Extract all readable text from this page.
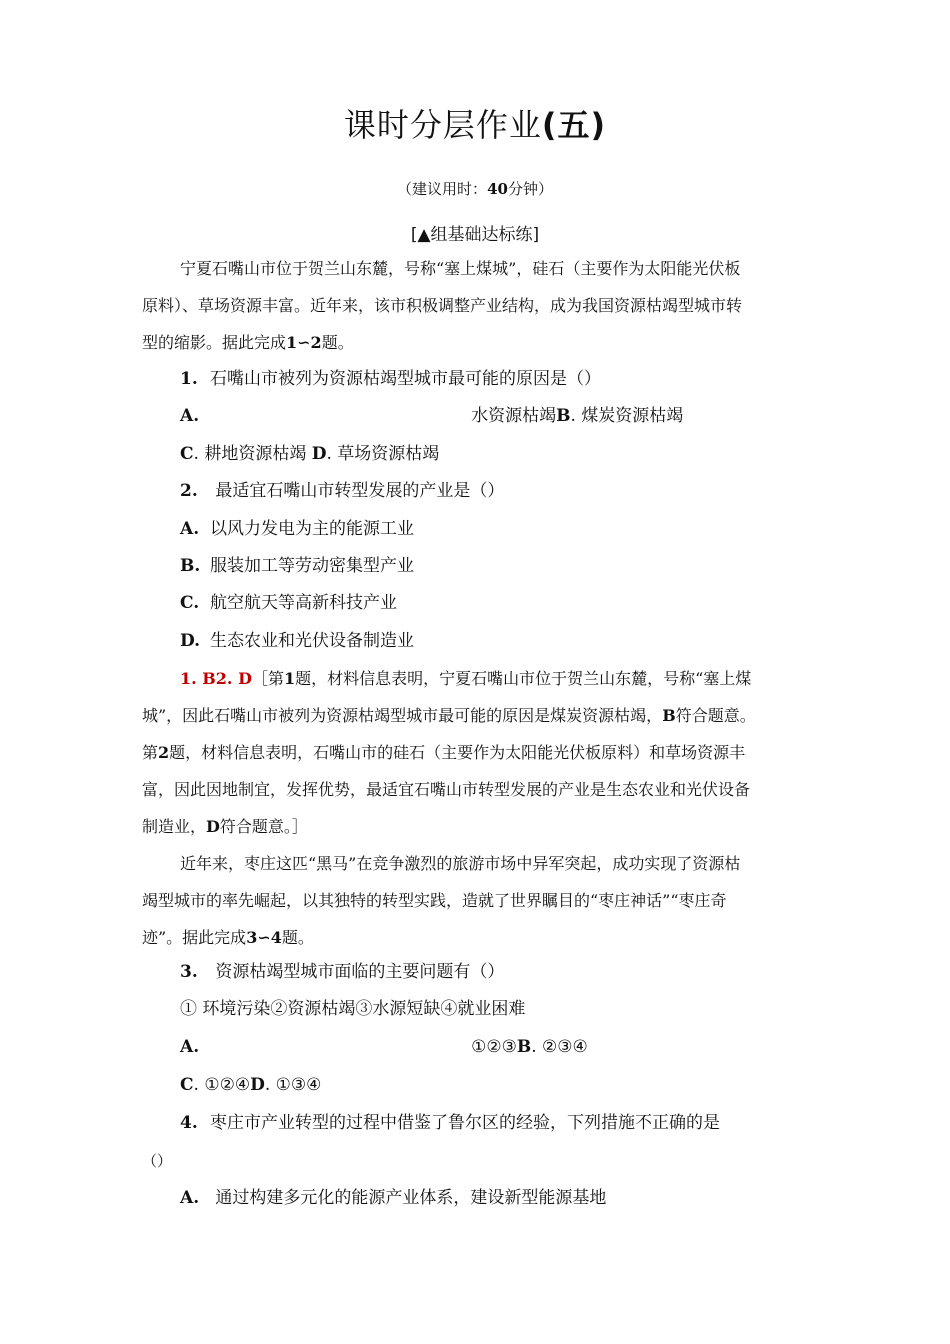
课时分层作业(五)
（建议用时：40分钟）
[▲组基础达标练]
宁夏石嘴山市位于贺兰山东麓，号称“塞上煤城”，硅石（主要作为太阳能光伏板
原料）、草场资源丰富。近年来，该市积极调整产业结构，成为我国资源枯竭型城市转
型的缩影。据此完成1∽2题。
1. 石嘴山市被列为资源枯竭型城市最可能的原因是（）
A.	水资源枯竭B. 煤炭资源枯竭
C. 耕地资源枯竭 D. 草场资源枯竭
2. 最适宜石嘴山市转型发展的产业是（）
A. 以风力发电为主的能源工业
B. 服装加工等劳动密集型产业
C. 航空航天等高新科技产业
D. 生态农业和光伏设备制造业
1. B2. D［第1题，材料信息表明，宁夏石嘴山市位于贺兰山东麓，号称“塞上煤
城”，因此石嘴山市被列为资源枯竭型城市最可能的原因是煤炭资源枯竭，B符合题意。
第2题，材料信息表明，石嘴山市的硅石（主要作为太阳能光伏板原料）和草场资源丰
富，因此因地制宜，发挥优势，最适宜石嘴山市转型发展的产业是生态农业和光伏设备
制造业，D符合题意。］
近年来，枣庄这匹“黑马”在竞争激烈的旅游市场中异军突起，成功实现了资源枯
竭型城市的率先崛起，以其独特的转型实践，造就了世界瞩目的“枣庄神话”“枣庄奇
迹”。据此完成3∽4题。
3. 资源枯竭型城市面临的主要问题有（）
① 环境污染②资源枯竭③水源短缺④就业困难
A.	①②③B. ②③④
C. ①②④D. ①③④
4. 枣庄市产业转型的过程中借鉴了鲁尔区的经验，下列措施不正确的是
（）
A. 通过构建多元化的能源产业体系，建设新型能源基地
